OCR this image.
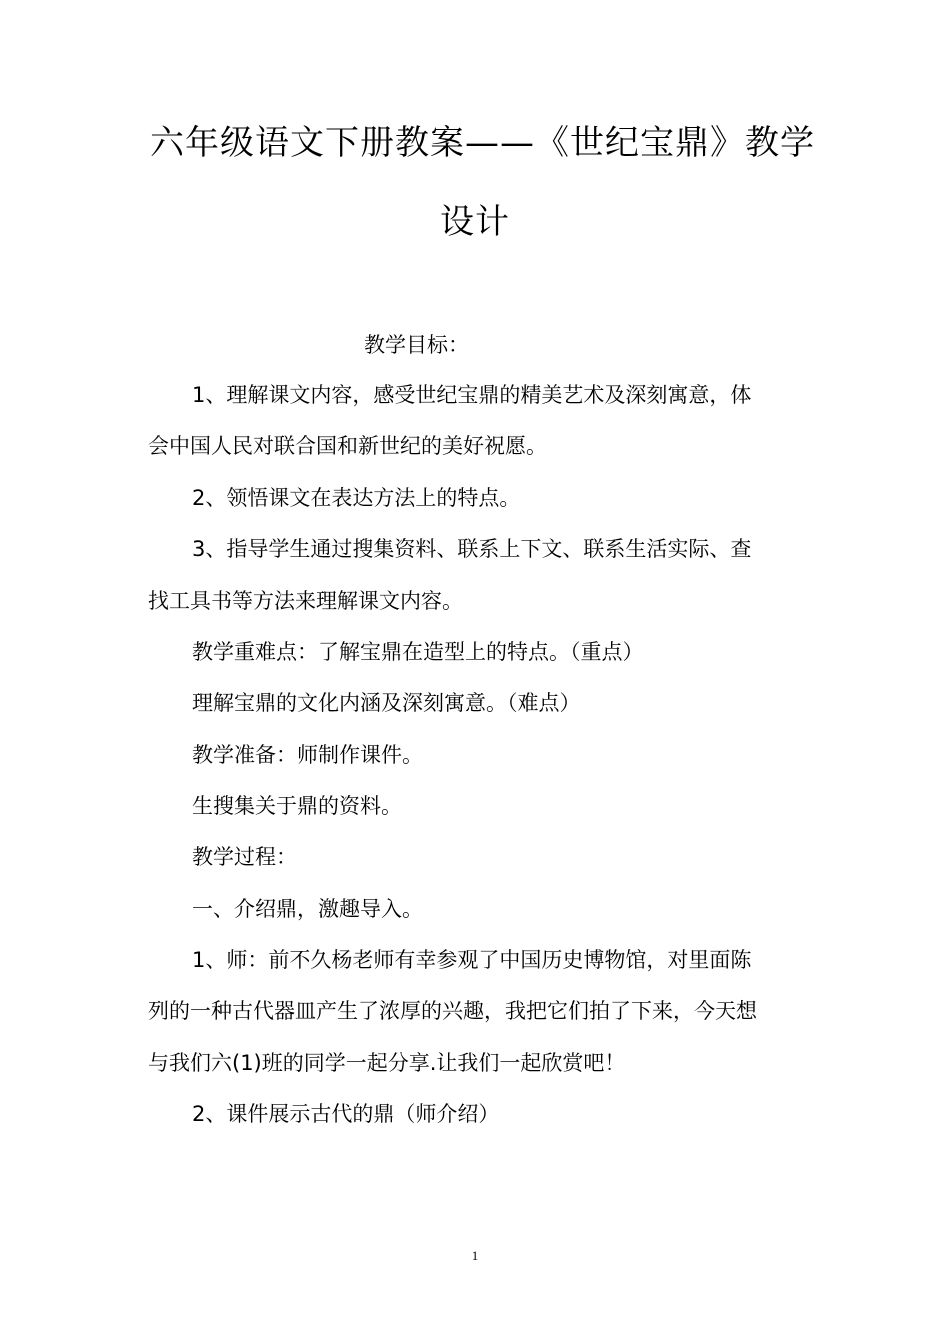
六年级语文下册教案——《世纪宝鼎》教学
设计
教学目标：
1、理解课文内容，感受世纪宝鼎的精美艺术及深刻寓意，体
会中国人民对联合国和新世纪的美好祝愿。
2、领悟课文在表达方法上的特点。
3、指导学生通过搜集资料、联系上下文、联系生活实际、查
找工具书等方法来理解课文内容。
教学重难点：了解宝鼎在造型上的特点。（重点）
理解宝鼎的文化内涵及深刻寓意。（难点）
教学准备：师制作课件。
生搜集关于鼎的资料。
教学过程：
一、介绍鼎，激趣导入。
1、师：前不久杨老师有幸参观了中国历史博物馆，对里面陈
列的一种古代器皿产生了浓厚的兴趣，我把它们拍了下来，今天想
与我们六(1)班的同学一起分享.让我们一起欣赏吧！
2、课件展示古代的鼎（师介绍）
1
